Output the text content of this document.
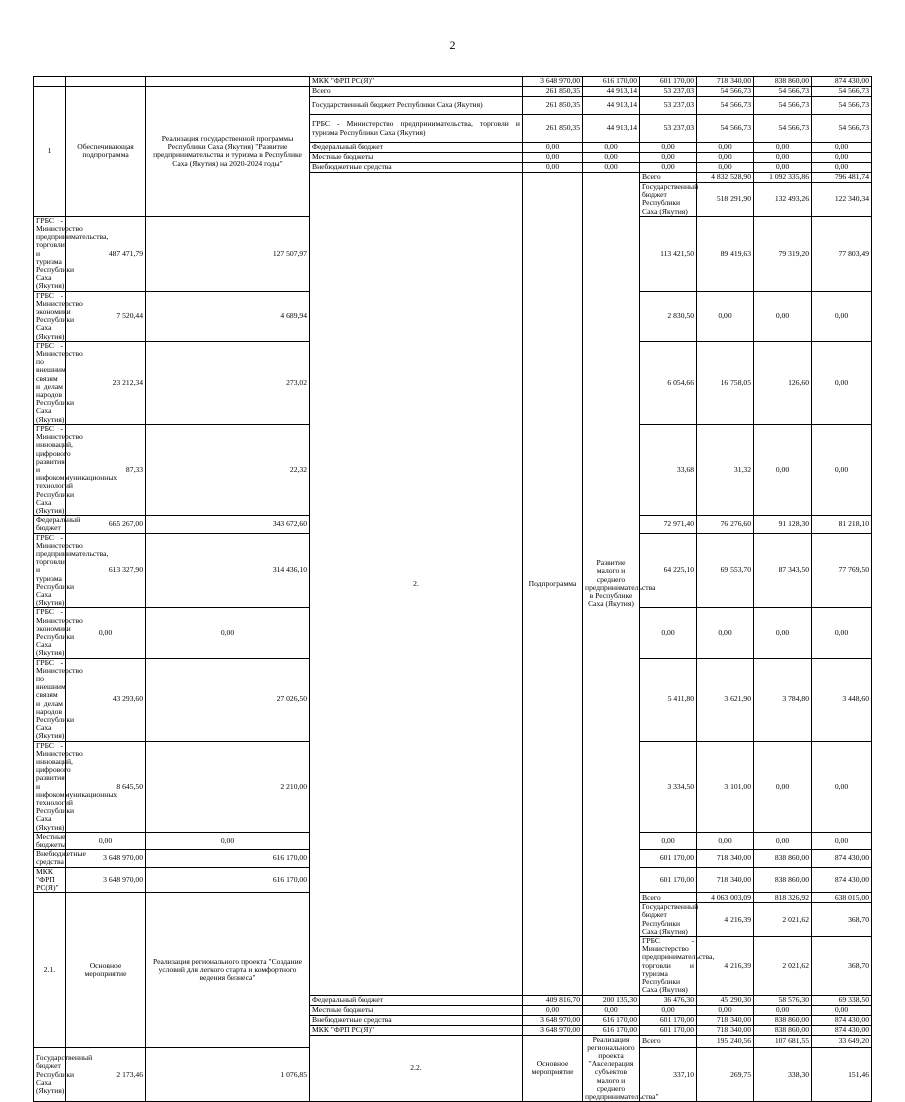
2
			МКК "ФРП РС(Я)"	3 648 970,00	616 170,00	601 170,00	718 340,00	838 860,00	874 430,00	
1	Обеспечивающая подпрограмма	Реализация государственной программы Республики Саха (Якутия) "Развитие предпринимательства и туризма в Республике Саха (Якутия) на 2020-2024 годы"	Всего	261 850,35	44 913,14	53 237,03	54 566,73	54 566,73	54 566,73	
			Государственный бюджет Республики Саха (Якутия)	261 850,35	44 913,14	53 237,03	54 566,73	54 566,73	54 566,73	
			ГРБС - Министерство предпринимательства, торговли и туризма Республики Саха (Якутия)	261 850,35	44 913,14	53 237,03	54 566,73	54 566,73	54 566,73	
			Федеральный бюджет	0,00	0,00	0,00	0,00	0,00	0,00	
			Местные бюджеты	0,00	0,00	0,00	0,00	0,00	0,00	
			Внебюджетные средства	0,00	0,00	0,00	0,00	0,00	0,00	
			2.	Подпрограмма	Развитие малого и среднего предпринимательства в Республике Саха (Якутия)	Всего	4 832 528,90	1 092 335,86	796 481,74			
						Государственный бюджет Республики Саха (Якутия)	518 291,90	132 493,26	122 340,34			
ГРБС - Министерство предпринимательства, торговли и туризма Республики Саха (Якутия)	487 471,79	127 507,97				113 421,50	89 419,63	79 319,20	77 803,49	
ГРБС - Министерство экономики Республики Саха (Якутия)	7 520,44	4 689,94				2 830,50	0,00	0,00	0,00	
ГРБС - Министерство по внешним связям и делам народов Республики Саха (Якутия)	23 212,34	273,02				6 054,66	16 758,05	126,60	0,00	
ГРБС - Министерство инноваций, цифрового развития и инфокоммуникационных технологий Республики Саха (Якутия)	87,33	22,32				33,68	31,32	0,00	0,00	
Федеральный бюджет	665 267,00	343 672,60				72 971,40	76 276,60	91 128,30	81 218,10	
ГРБС - Министерство предпринимательства, торговли и туризма Республики Саха (Якутия)	613 327,90	314 436,10				64 225,10	69 553,70	87 343,50	77 769,50	
ГРБС - Министерство экономики Республики Саха (Якутия)	0,00	0,00				0,00	0,00	0,00	0,00	
ГРБС - Министерство по внешним связям и делам народов Республики Саха (Якутия)	43 293,60	27 026,50				5 411,80	3 621,90	3 784,80	3 448,60	
ГРБС - Министерство инноваций, цифрового развития и инфокоммуникационных технологий Республики Саха (Якутия)	8 645,50	2 210,00				3 334,50	3 101,00	0,00	0,00	
Местные бюджеты	0,00	0,00				0,00	0,00	0,00	0,00	
Внебюджетные средства	3 648 970,00	616 170,00				601 170,00	718 340,00	838 860,00	874 430,00	
МКК "ФРП РС(Я)"	3 648 970,00	616 170,00				601 170,00	718 340,00	838 860,00	874 430,00	
2.1.	Основное мероприятие	Реализация регионального проекта "Создание условий для легкого старта и комфортного ведения бизнеса"				Всего	4 063 003,09	818 326,92	638 015,00			
						Государственный бюджет Республики Саха (Якутия)	4 216,39	2 021,62	368,70			
						ГРБС - Министерство предпринимательства, торговли и туризма Республики Саха (Якутия)	4 216,39	2 021,62	368,70			
			Федеральный бюджет	409 816,70	200 135,30	36 476,30	45 290,30	58 576,30	69 338,50	
			Местные бюджеты	0,00	0,00	0,00	0,00	0,00	0,00	
			Внебюджетные средства	3 648 970,00	616 170,00	601 170,00	718 340,00	838 860,00	874 430,00	
			МКК "ФРП РС(Я)"	3 648 970,00	616 170,00	601 170,00	718 340,00	838 860,00	874 430,00	
			2.2.	Основное мероприятие	Реализация регионального проекта "Акселерация субъектов малого и среднего предпринимательства"	Всего	195 240,56	107 681,55	33 649,20			
Государственный бюджет Республики Саха (Якутия)	2 173,46	1 076,85				337,10	269,75	338,30	151,46	
